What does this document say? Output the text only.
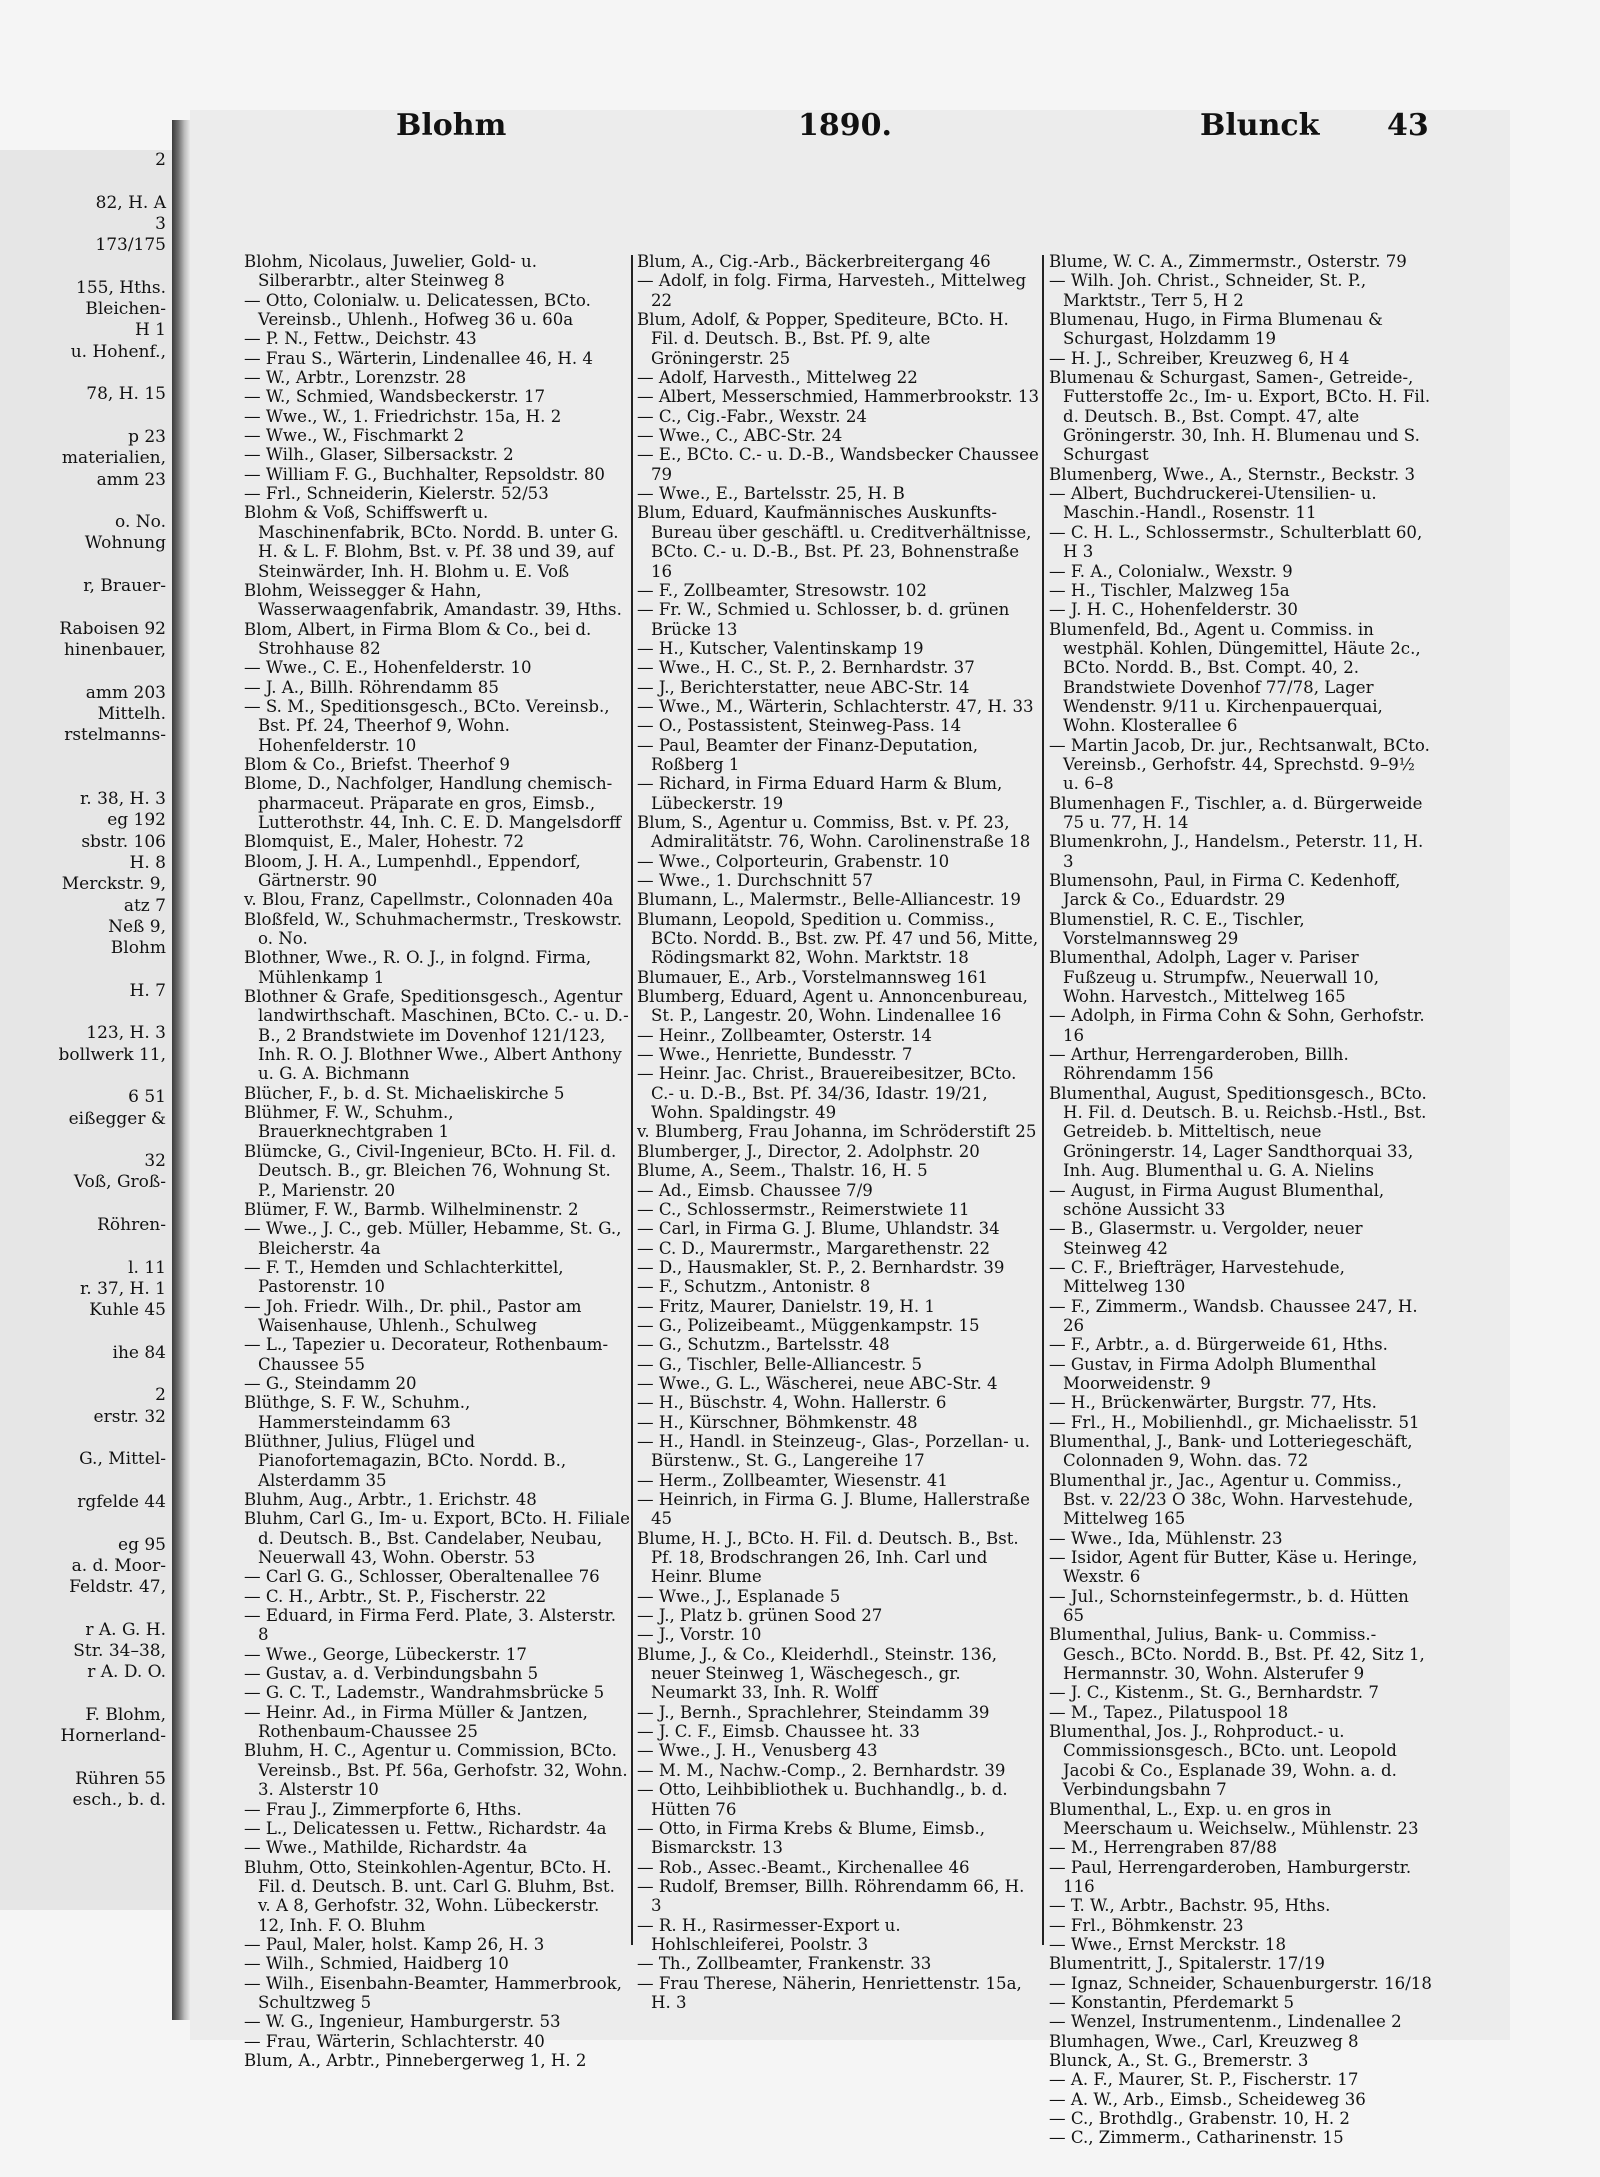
2
82, H. A
3
173/175
155, Hths.
Bleichen-
H 1
u. Hohenf.,
78, H. 15
p 23
materialien,
amm 23
o. No.
Wohnung
r, Brauer-
Raboisen 92
hinenbauer,
amm 203
Mittelh.
rstelmanns-
r. 38, H. 3
eg 192
sbstr. 106
H. 8
Merckstr. 9,
atz 7
Neß 9,
Blohm
H. 7
123, H. 3
bollwerk 11,
6 51
eißegger &
32
Voß, Groß-
Röhren-
l. 11
r. 37, H. 1
Kuhle 45
ihe 84
2
erstr. 32
G., Mittel-
rgfelde 44
eg 95
a. d. Moor-
Feldstr. 47,
r A. G. H.
Str. 34–38,
r A. D. O.
F. Blohm,
Hornerland-
Rühren 55
esch., b. d.
Blohm	1890.	Blunck 43

Blohm, Nicolaus, Juwelier, Gold- u. Silberarbtr., alter Steinweg 8

— Otto, Colonialw. u. Delicatessen, BCto. Vereinsb., Uhlenh., Hofweg 36 u. 60a

— P. N., Fettw., Deichstr. 43

— Frau S., Wärterin, Lindenallee 46, H. 4

— W., Arbtr., Lorenzstr. 28

— W., Schmied, Wandsbeckerstr. 17

— Wwe., W., 1. Friedrichstr. 15a, H. 2

— Wwe., W., Fischmarkt 2

— Wilh., Glaser, Silbersackstr. 2

— William F. G., Buchhalter, Repsoldstr. 80

— Frl., Schneiderin, Kielerstr. 52/53

Blohm & Voß, Schiffswerft u. Maschinenfabrik, BCto. Nordd. B. unter G. H. & L. F. Blohm, Bst. v. Pf. 38 und 39, auf Steinwärder, Inh. H. Blohm u. E. Voß

Blohm, Weissegger & Hahn, Wasserwaagenfabrik, Amandastr. 39, Hths.

Blom, Albert, in Firma Blom & Co., bei d. Strohhause 82

— Wwe., C. E., Hohenfelderstr. 10

— J. A., Billh. Röhrendamm 85

— S. M., Speditionsgesch., BCto. Vereinsb., Bst. Pf. 24, Theerhof 9, Wohn. Hohenfelderstr. 10

Blom & Co., Briefst. Theerhof 9

Blome, D., Nachfolger, Handlung chemisch-pharmaceut. Präparate en gros, Eimsb., Lutterothstr. 44, Inh. C. E. D. Mangelsdorff

Blomquist, E., Maler, Hohestr. 72

Bloom, J. H. A., Lumpenhdl., Eppendorf, Gärtnerstr. 90

v. Blou, Franz, Capellmstr., Colonnaden 40a

Bloßfeld, W., Schuhmachermstr., Treskowstr. o. No.

Blothner, Wwe., R. O. J., in folgnd. Firma, Mühlenkamp 1

Blothner & Grafe, Speditionsgesch., Agentur landwirthschaft. Maschinen, BCto. C.- u. D.-B., 2 Brandstwiete im Dovenhof 121/123, Inh. R. O. J. Blothner Wwe., Albert Anthony u. G. A. Bichmann

Blücher, F., b. d. St. Michaeliskirche 5

Blühmer, F. W., Schuhm., Brauerknechtgraben 1

Blümcke, G., Civil-Ingenieur, BCto. H. Fil. d. Deutsch. B., gr. Bleichen 76, Wohnung St. P., Marienstr. 20

Blümer, F. W., Barmb. Wilhelminenstr. 2

— Wwe., J. C., geb. Müller, Hebamme, St. G., Bleicherstr. 4a

— F. T., Hemden und Schlachterkittel, Pastorenstr. 10

— Joh. Friedr. Wilh., Dr. phil., Pastor am Waisenhause, Uhlenh., Schulweg

— L., Tapezier u. Decorateur, Rothenbaum-Chaussee 55

— G., Steindamm 20

Blüthge, S. F. W., Schuhm., Hammersteindamm 63

Blüthner, Julius, Flügel und Pianofortemagazin, BCto. Nordd. B., Alsterdamm 35

Bluhm, Aug., Arbtr., 1. Erichstr. 48

Bluhm, Carl G., Im- u. Export, BCto. H. Filiale d. Deutsch. B., Bst. Candelaber, Neubau, Neuerwall 43, Wohn. Oberstr. 53

— Carl G. G., Schlosser, Oberaltenallee 76

— C. H., Arbtr., St. P., Fischerstr. 22

— Eduard, in Firma Ferd. Plate, 3. Alsterstr. 8

— Wwe., George, Lübeckerstr. 17

— Gustav, a. d. Verbindungsbahn 5

— G. C. T., Lademstr., Wandrahmsbrücke 5

— Heinr. Ad., in Firma Müller & Jantzen, Rothenbaum-Chaussee 25

Bluhm, H. C., Agentur u. Commission, BCto. Vereinsb., Bst. Pf. 56a, Gerhofstr. 32, Wohn. 3. Alsterstr 10

— Frau J., Zimmerpforte 6, Hths.

— L., Delicatessen u. Fettw., Richardstr. 4a

— Wwe., Mathilde, Richardstr. 4a

Bluhm, Otto, Steinkohlen-Agentur, BCto. H. Fil. d. Deutsch. B. unt. Carl G. Bluhm, Bst. v. A 8, Gerhofstr. 32, Wohn. Lübeckerstr. 12, Inh. F. O. Bluhm

— Paul, Maler, holst. Kamp 26, H. 3

— Wilh., Schmied, Haidberg 10

— Wilh., Eisenbahn-Beamter, Hammerbrook, Schultzweg 5

— W. G., Ingenieur, Hamburgerstr. 53

— Frau, Wärterin, Schlachterstr. 40

Blum, A., Arbtr., Pinnebergerweg 1, H. 2

Blum, A., Cig.-Arb., Bäckerbreitergang 46

— Adolf, in folg. Firma, Harvesteh., Mittelweg 22

Blum, Adolf, & Popper, Spediteure, BCto. H. Fil. d. Deutsch. B., Bst. Pf. 9, alte Gröningerstr. 25

— Adolf, Harvesth., Mittelweg 22

— Albert, Messerschmied, Hammerbrookstr. 13

— C., Cig.-Fabr., Wexstr. 24

— Wwe., C., ABC-Str. 24

— E., BCto. C.- u. D.-B., Wandsbecker Chaussee 79

— Wwe., E., Bartelsstr. 25, H. B

Blum, Eduard, Kaufmännisches Auskunfts-Bureau über geschäftl. u. Creditverhältnisse, BCto. C.- u. D.-B., Bst. Pf. 23, Bohnenstraße 16

— F., Zollbeamter, Stresowstr. 102

— Fr. W., Schmied u. Schlosser, b. d. grünen Brücke 13

— H., Kutscher, Valentinskamp 19

— Wwe., H. C., St. P., 2. Bernhardstr. 37

— J., Berichterstatter, neue ABC-Str. 14

— Wwe., M., Wärterin, Schlachterstr. 47, H. 33

— O., Postassistent, Steinweg-Pass. 14

— Paul, Beamter der Finanz-Deputation, Roßberg 1

— Richard, in Firma Eduard Harm & Blum, Lübeckerstr. 19

Blum, S., Agentur u. Commiss, Bst. v. Pf. 23, Admiralitätstr. 76, Wohn. Carolinenstraße 18

— Wwe., Colporteurin, Grabenstr. 10

— Wwe., 1. Durchschnitt 57

Blumann, L., Malermstr., Belle-Alliancestr. 19

Blumann, Leopold, Spedition u. Commiss., BCto. Nordd. B., Bst. zw. Pf. 47 und 56, Mitte, Rödingsmarkt 82, Wohn. Marktstr. 18

Blumauer, E., Arb., Vorstelmannsweg 161

Blumberg, Eduard, Agent u. Annoncenbureau, St. P., Langestr. 20, Wohn. Lindenallee 16

— Heinr., Zollbeamter, Osterstr. 14

— Wwe., Henriette, Bundesstr. 7

— Heinr. Jac. Christ., Brauereibesitzer, BCto. C.- u. D.-B., Bst. Pf. 34/36, Idastr. 19/21, Wohn. Spaldingstr. 49

v. Blumberg, Frau Johanna, im Schröderstift 25

Blumberger, J., Director, 2. Adolphstr. 20

Blume, A., Seem., Thalstr. 16, H. 5

— Ad., Eimsb. Chaussee 7/9

— C., Schlossermstr., Reimerstwiete 11

— Carl, in Firma G. J. Blume, Uhlandstr. 34

— C. D., Maurermstr., Margarethenstr. 22

— D., Hausmakler, St. P., 2. Bernhardstr. 39

— F., Schutzm., Antonistr. 8

— Fritz, Maurer, Danielstr. 19, H. 1

— G., Polizeibeamt., Müggenkampstr. 15

— G., Schutzm., Bartelsstr. 48

— G., Tischler, Belle-Alliancestr. 5

— Wwe., G. L., Wäscherei, neue ABC-Str. 4

— H., Büschstr. 4, Wohn. Hallerstr. 6

— H., Kürschner, Böhmkenstr. 48

— H., Handl. in Steinzeug-, Glas-, Porzellan- u. Bürstenw., St. G., Langereihe 17

— Herm., Zollbeamter, Wiesenstr. 41

— Heinrich, in Firma G. J. Blume, Hallerstraße 45

Blume, H. J., BCto. H. Fil. d. Deutsch. B., Bst. Pf. 18, Brodschrangen 26, Inh. Carl und Heinr. Blume

— Wwe., J., Esplanade 5

— J., Platz b. grünen Sood 27

— J., Vorstr. 10

Blume, J., & Co., Kleiderhdl., Steinstr. 136, neuer Steinweg 1, Wäschegesch., gr. Neumarkt 33, Inh. R. Wolff

— J., Bernh., Sprachlehrer, Steindamm 39

— J. C. F., Eimsb. Chaussee ht. 33

— Wwe., J. H., Venusberg 43

— M. M., Nachw.-Comp., 2. Bernhardstr. 39

— Otto, Leihbibliothek u. Buchhandlg., b. d. Hütten 76

— Otto, in Firma Krebs & Blume, Eimsb., Bismarckstr. 13

— Rob., Assec.-Beamt., Kirchenallee 46

— Rudolf, Bremser, Billh. Röhrendamm 66, H. 3

— R. H., Rasirmesser-Export u. Hohlschleiferei, Poolstr. 3

— Th., Zollbeamter, Frankenstr. 33

— Frau Therese, Näherin, Henriettenstr. 15a, H. 3

Blume, W. C. A., Zimmermstr., Osterstr. 79

— Wilh. Joh. Christ., Schneider, St. P., Marktstr., Terr 5, H 2

Blumenau, Hugo, in Firma Blumenau & Schurgast, Holzdamm 19

— H. J., Schreiber, Kreuzweg 6, H 4

Blumenau & Schurgast, Samen-, Getreide-, Futterstoffe 2c., Im- u. Export, BCto. H. Fil. d. Deutsch. B., Bst. Compt. 47, alte Gröningerstr. 30, Inh. H. Blumenau und S. Schurgast

Blumenberg, Wwe., A., Sternstr., Beckstr. 3

— Albert, Buchdruckerei-Utensilien- u. Maschin.-Handl., Rosenstr. 11

— C. H. L., Schlossermstr., Schulterblatt 60, H 3

— F. A., Colonialw., Wexstr. 9

— H., Tischler, Malzweg 15a

— J. H. C., Hohenfelderstr. 30

Blumenfeld, Bd., Agent u. Commiss. in westphäl. Kohlen, Düngemittel, Häute 2c., BCto. Nordd. B., Bst. Compt. 40, 2. Brandstwiete Dovenhof 77/78, Lager Wendenstr. 9/11 u. Kirchenpauerquai, Wohn. Klosterallee 6

— Martin Jacob, Dr. jur., Rechtsanwalt, BCto. Vereinsb., Gerhofstr. 44, Sprechstd. 9–9½ u. 6–8

Blumenhagen F., Tischler, a. d. Bürgerweide 75 u. 77, H. 14

Blumenkrohn, J., Handelsm., Peterstr. 11, H. 3

Blumensohn, Paul, in Firma C. Kedenhoff, Jarck & Co., Eduardstr. 29

Blumenstiel, R. C. E., Tischler, Vorstelmannsweg 29

Blumenthal, Adolph, Lager v. Pariser Fußzeug u. Strumpfw., Neuerwall 10, Wohn. Harvestch., Mittelweg 165

— Adolph, in Firma Cohn & Sohn, Gerhofstr. 16

— Arthur, Herrengarderoben, Billh. Röhrendamm 156

Blumenthal, August, Speditionsgesch., BCto. H. Fil. d. Deutsch. B. u. Reichsb.-Hstl., Bst. Getreideb. b. Mitteltisch, neue Gröningerstr. 14, Lager Sandthorquai 33, Inh. Aug. Blumenthal u. G. A. Nielins

— August, in Firma August Blumenthal, schöne Aussicht 33

— B., Glasermstr. u. Vergolder, neuer Steinweg 42

— C. F., Briefträger, Harvestehude, Mittelweg 130

— F., Zimmerm., Wandsb. Chaussee 247, H. 26

— F., Arbtr., a. d. Bürgerweide 61, Hths.

— Gustav, in Firma Adolph Blumenthal Moorweidenstr. 9

— H., Brückenwärter, Burgstr. 77, Hts.

— Frl., H., Mobilienhdl., gr. Michaelisstr. 51

Blumenthal, J., Bank- und Lotteriegeschäft, Colonnaden 9, Wohn. das. 72

Blumenthal jr., Jac., Agentur u. Commiss., Bst. v. 22/23 O 38c, Wohn. Harvestehude, Mittelweg 165

— Wwe., Ida, Mühlenstr. 23

— Isidor, Agent für Butter, Käse u. Heringe, Wexstr. 6

— Jul., Schornsteinfegermstr., b. d. Hütten 65

Blumenthal, Julius, Bank- u. Commiss.-Gesch., BCto. Nordd. B., Bst. Pf. 42, Sitz 1, Hermannstr. 30, Wohn. Alsterufer 9

— J. C., Kistenm., St. G., Bernhardstr. 7

— M., Tapez., Pilatuspool 18

Blumenthal, Jos. J., Rohproduct.- u. Commissionsgesch., BCto. unt. Leopold Jacobi & Co., Esplanade 39, Wohn. a. d. Verbindungsbahn 7

Blumenthal, L., Exp. u. en gros in Meerschaum u. Weichselw., Mühlenstr. 23

— M., Herrengraben 87/88

— Paul, Herrengarderoben, Hamburgerstr. 116

— T. W., Arbtr., Bachstr. 95, Hths.

— Frl., Böhmkenstr. 23

— Wwe., Ernst Merckstr. 18

Blumentritt, J., Spitalerstr. 17/19

— Ignaz, Schneider, Schauenburgerstr. 16/18

— Konstantin, Pferdemarkt 5

— Wenzel, Instrumentenm., Lindenallee 2

Blumhagen, Wwe., Carl, Kreuzweg 8

Blunck, A., St. G., Bremerstr. 3

— A. F., Maurer, St. P., Fischerstr. 17

— A. W., Arb., Eimsb., Scheideweg 36

— C., Brothdlg., Grabenstr. 10, H. 2

— C., Zimmerm., Catharinenstr. 15
